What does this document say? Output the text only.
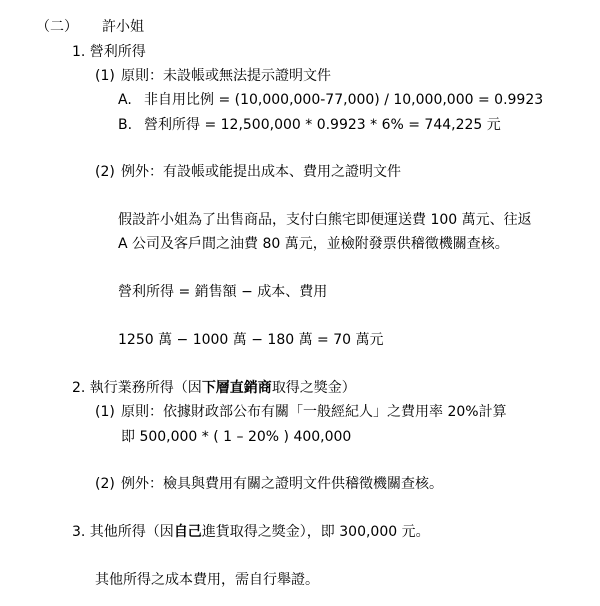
（二） 許小姐
1. 營利所得
(1) 原則：未設帳或無法提示證明文件
A. 非自用比例 = (10,000,000-77,000) / 10,000,000 = 0.9923
B. 營利所得 = 12,500,000 * 0.9923 * 6% = 744,225 元
(2) 例外：有設帳或能提出成本、費用之證明文件
假設許小姐為了出售商品，支付白熊宅即便運送費 100 萬元、往返
A 公司及客戶間之油費 80 萬元，並檢附發票供稽徵機關查核。
營利所得 = 銷售額 − 成本、費用
1250 萬 − 1000 萬 − 180 萬 = 70 萬元
2. 執行業務所得（因下層直銷商取得之獎金）
(1) 原則：依據財政部公布有關「一般經紀人」之費用率 20%計算
即 500,000 * ( 1 – 20% ) 400,000
(2) 例外：檢具與費用有關之證明文件供稽徵機關查核。
3. 其他所得（因自己進貨取得之獎金），即 300,000 元。
其他所得之成本費用，需自行舉證。
